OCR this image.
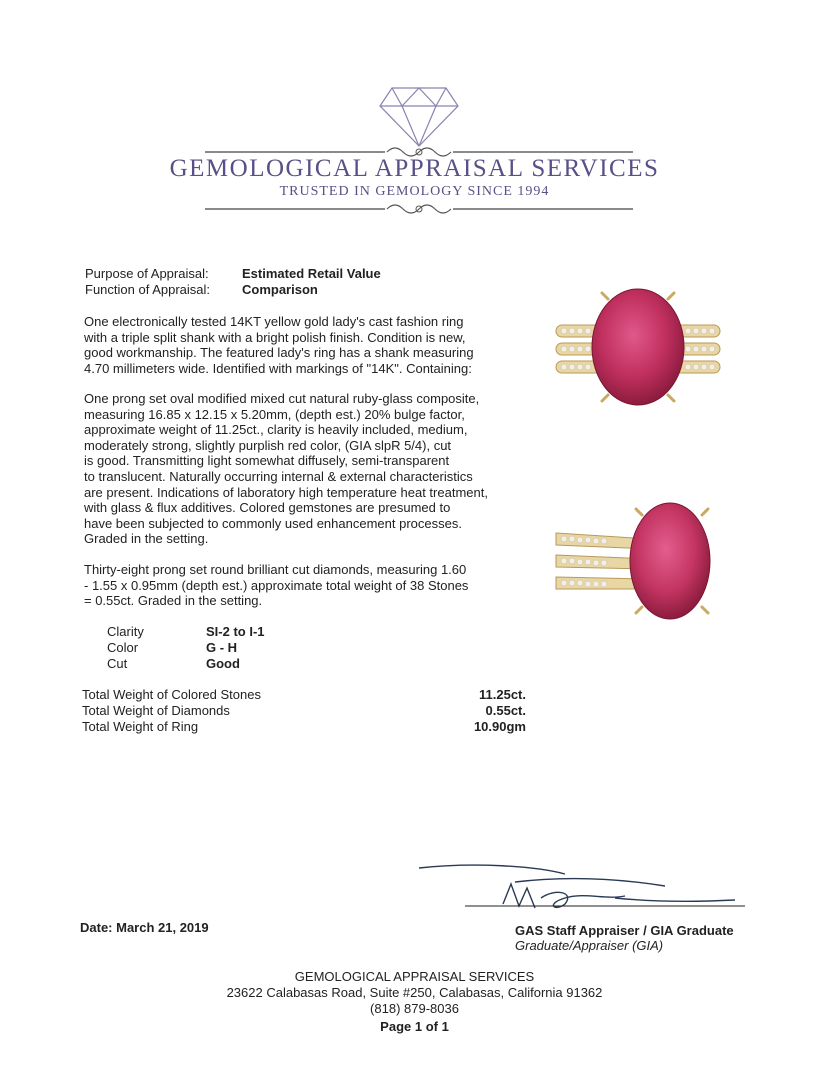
GEMOLOGICAL APPRAISAL SERVICES
TRUSTED IN GEMOLOGY SINCE 1994
Purpose of Appraisal:	Estimated Retail Value
Function of Appraisal: Comparison
One electronically tested 14KT yellow gold lady's cast fashion ring
with a triple split shank with a bright polish finish. Condition is new,
good workmanship. The featured lady's ring has a shank measuring
4.70 millimeters wide. Identified with markings of "14K". Containing:
One prong set oval modified mixed cut natural ruby-glass composite,
measuring 16.85 x 12.15 x 5.20mm, (depth est.) 20% bulge factor,
approximate weight of 11.25ct., clarity is heavily included, medium,
moderately strong, slightly purplish red color, (GIA slpR 5/4), cut
is good. Transmitting light somewhat diffusely, semi-transparent
to translucent. Naturally occurring internal & external characteristics
are present. Indications of laboratory high temperature heat treatment,
with glass & flux additives. Colored gemstones are presumed to
have been subjected to commonly used enhancement processes.
Graded in the setting.
Thirty-eight prong set round brilliant cut diamonds, measuring 1.60
- 1.55 x 0.95mm (depth est.) approximate total weight of 38 Stones
= 0.55ct. Graded in the setting.
Clarity	SI-2 to I-1
Color	G - H
Cut	Good
Total Weight of Colored Stones	11.25ct.
Total Weight of Diamonds	0.55ct.
Total Weight of Ring	10.90gm
Date: March 21, 2019	GAS Staff Appraiser / GIA Graduate
Graduate/Appraiser (GIA)
GEMOLOGICAL APPRAISAL SERVICES
23622 Calabasas Road, Suite #250, Calabasas, California 91362
(818) 879-8036
Page 1 of 1
